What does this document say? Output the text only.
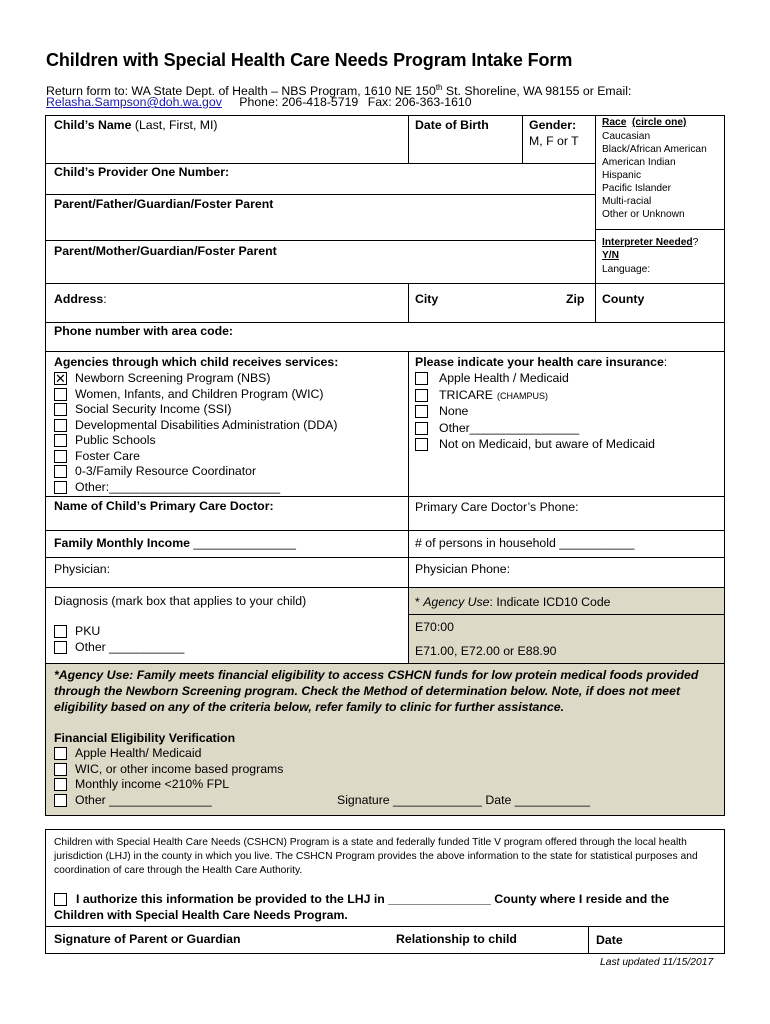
Children with Special Health Care Needs Program Intake Form
Return form to: WA State Dept. of Health – NBS Program, 1610 NE 150th St. Shoreline, WA 98155 or Email:
Relasha.Sampson@doh.wa.gov Phone: 206-418-5719 Fax: 206-363-1610
Child’s Name (Last, First, MI)	Date of Birth	Gender:
M, F or T
Race (circle one)
Caucasian
Black/African American
American Indian
Hispanic
Pacific Islander
Multi-racial
Other or Unknown
Interpreter Needed?
Y/N
Language:
Child’s Provider One Number:
Parent/Father/Guardian/Foster Parent
Parent/Mother/Guardian/Foster Parent
Address:	City	Zip County
Phone number with area code:
Agencies through which child receives services:
✕ Newborn Screening Program (NBS)
Women, Infants, and Children Program (WIC)
Social Security Income (SSI)
Developmental Disabilities Administration (DDA)
Public Schools
Foster Care
0-3/Family Resource Coordinator
Other:_________________________
Please indicate your health care insurance:
Apple Health / Medicaid
TRICARE (CHAMPUS)
None
Other________________
Not on Medicaid, but aware of Medicaid
Name of Child’s Primary Care Doctor:	Primary Care Doctor’s Phone:
Family Monthly Income _______________	# of persons in household ___________
Physician:	Physician Phone:
Diagnosis (mark box that applies to your child)
PKU
Other ___________
* Agency Use: Indicate ICD10 Code
E70:00
E71.00, E72.00 or E88.90
*Agency Use: Family meets financial eligibility to access CSHCN funds for low protein medical foods provided through the Newborn Screening program. Check the Method of determination below. Note, if does not meet eligibility based on any of the criteria below, refer family to clinic for further assistance.
Financial Eligibility Verification
Apple Health/ Medicaid
WIC, or other income based programs
Monthly income <210% FPL
Other _______________	Signature _____________ Date ___________
Children with Special Health Care Needs (CSHCN) Program is a state and federally funded Title V program offered through the local health jurisdiction (LHJ) in the county in which you live. The CSHCN Program provides the above information to the state for statistical purposes and coordination of care through the Health Care Authority.
I authorize this information be provided to the LHJ in _______________ County where I reside and the Children with Special Health Care Needs Program.
Signature of Parent or Guardian	Relationship to child	Date
Last updated 11/15/2017
